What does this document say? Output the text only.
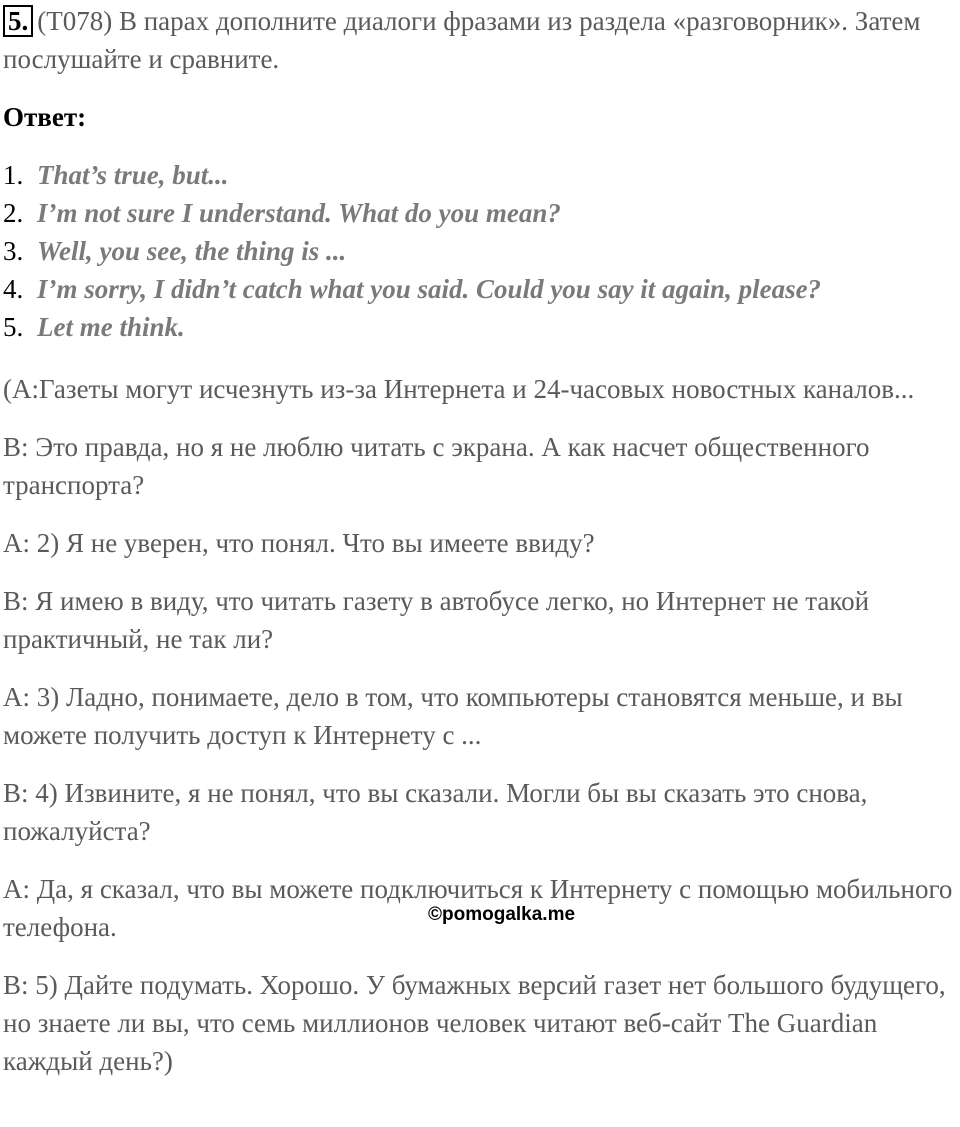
5. (T078) В парах дополните диалоги фразами из раздела «разговорник». Затем послушайте и сравните.

Ответ:
1. That’s true, but...
2. I’m not sure I understand. What do you mean?
3. Well, you see, the thing is ...
4. I’m sorry, I didn’t catch what you said. Could you say it again, please?
5. Let me think.

(A:Газеты могут исчезнуть из-за Интернета и 24-часовых новостных каналов...

B: Это правда, но я не люблю читать с экрана. А как насчет общественного транспорта?

A: 2) Я не уверен, что понял. Что вы имеете ввиду?

B: Я имею в виду, что читать газету в автобусе легко, но Интернет не такой практичный, не так ли?

A: 3) Ладно, понимаете, дело в том, что компьютеры становятся меньше, и вы можете получить доступ к Интернету с ...

B: 4) Извините, я не понял, что вы сказали. Могли бы вы сказать это снова, пожалуйста?

A: Да, я сказал, что вы можете подключиться к Интернету с помощью мобильного телефона.

B: 5) Дайте подумать. Хорошо. У бумажных версий газет нет большого будущего, но знаете ли вы, что семь миллионов человек читают веб-сайт The Guardian каждый день?)

©pomogalka.me
